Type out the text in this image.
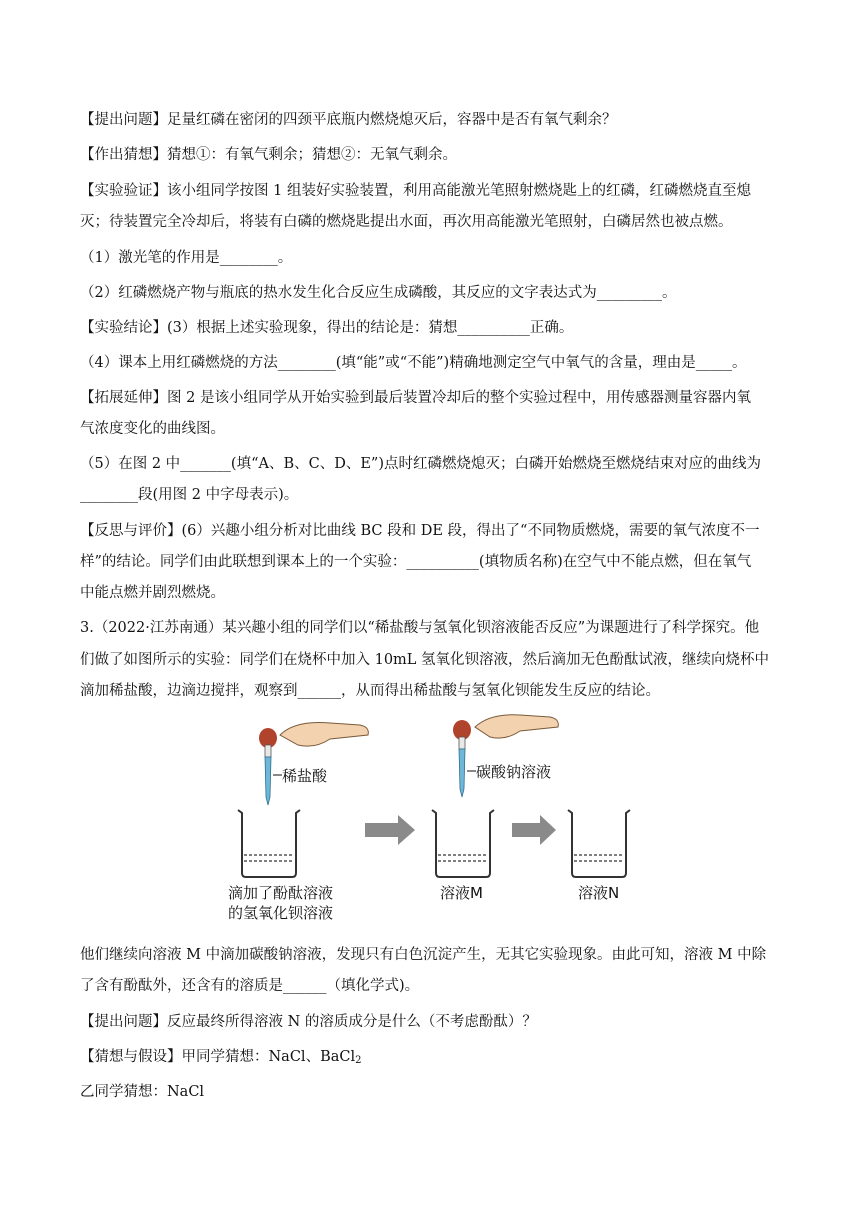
【提出问题】足量红磷在密闭的四颈平底瓶内燃烧熄灭后，容器中是否有氧气剩余？
【作出猜想】猜想①：有氧气剩余；猜想②：无氧气剩余。
【实验验证】该小组同学按图 1 组装好实验装置，利用高能激光笔照射燃烧匙上的红磷，红磷燃烧直至熄
灭；待装置完全冷却后，将装有白磷的燃烧匙提出水面，再次用高能激光笔照射，白磷居然也被点燃。
（1）激光笔的作用是________。
（2）红磷燃烧产物与瓶底的热水发生化合反应生成磷酸，其反应的文字表达式为_________。
【实验结论】(3）根据上述实验现象，得出的结论是：猜想__________正确。
（4）课本上用红磷燃烧的方法________(填“能”或“不能”)精确地测定空气中氧气的含量，理由是_____。
【拓展延伸】图 2 是该小组同学从开始实验到最后装置冷却后的整个实验过程中，用传感器测量容器内氧
气浓度变化的曲线图。
（5）在图 2 中_______(填“A、B、C、D、E”)点时红磷燃烧熄灭；白磷开始燃烧至燃烧结束对应的曲线为
________段(用图 2 中字母表示)。
【反思与评价】(6）兴趣小组分析对比曲线 BC 段和 DE 段，得出了“不同物质燃烧，需要的氧气浓度不一
样”的结论。同学们由此联想到课本上的一个实验：__________(填物质名称)在空气中不能点燃，但在氧气
中能点燃并剧烈燃烧。
3.（2022·江苏南通）某兴趣小组的同学们以“稀盐酸与氢氧化钡溶液能否反应”为课题进行了科学探究。他
们做了如图所示的实验：同学们在烧杯中加入 10mL 氢氧化钡溶液，然后滴加无色酚酞试液，继续向烧杯中
滴加稀盐酸，边滴边搅拌，观察到______，从而得出稀盐酸与氢氧化钡能发生反应的结论。
稀盐酸	碳酸钠溶液
滴加了酚酞溶液
的氢氧化钡溶液
溶液M	溶液N
他们继续向溶液 M 中滴加碳酸钠溶液，发现只有白色沉淀产生，无其它实验现象。由此可知，溶液 M 中除
了含有酚酞外，还含有的溶质是______（填化学式)。
【提出问题】反应最终所得溶液 N 的溶质成分是什么（不考虑酚酞）？
【猜想与假设】甲同学猜想：NaCl、BaCl$_2$
乙同学猜想：NaCl
